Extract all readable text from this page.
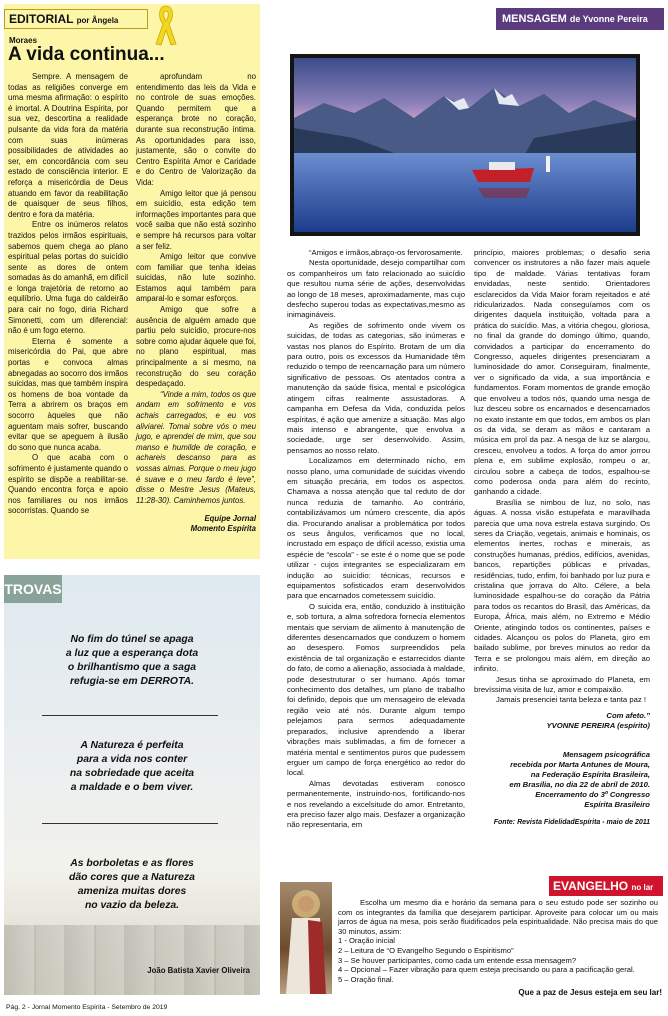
EDITORIAL por Ângela Moraes
A vida continua...

Sempre. A mensagem de todas as religiões converge em uma mesma afirmação: o espírito é imortal. A Doutrina Espírita, por sua vez, descortina a realidade pulsante da vida fora da matéria com suas inúmeras possibilidades de atividades ao ser, em concordância com seu estado de consciência interior. E reforça a misericórdia de Deus atuando em favor da reabilitação de quaisquer de seus filhos, dentro e fora da matéria.

Entre os inúmeros relatos trazidos pelos irmãos espirituais, sabemos quem chega ao plano espiritual pelas portas do suicídio sente as dores de ontem somadas às do amanhã, em difícil e longa trajetória de retorno ao equilíbrio. Uma fuga do caldeirão para cair no fogo, diria Richard Simonetti, com um diferencial: não é um fogo eterno.

Eterna é somente a misericórdia do Pai, que abre portas e convoca almas abnegadas ao socorro dos irmãos suicidas, mas que também inspira os homens de boa vontade da Terra a abrirem os braços em socorro àqueles que não aguentam mais sofrer, buscando evitar que se apeguem à ilusão do sono que nunca acaba.

O que acaba com o sofrimento é justamente quando o espírito se dispõe a reabilitar-se. Quando encontra força e apoio nos familiares ou nos irmãos socorristas. Quando se

aprofundam no entendimento das leis da Vida e no controle de suas emoções. Quando permitem que a esperança brote no coração, durante sua reconstrução íntima. As oportunidades para isso, justamente, são o convite do Centro Espírita Amor e Caridade e do Centro de Valorização da Vida:

Amigo leitor que já pensou em suicídio, esta edição tem informações importantes para que você saiba que não está sozinho e sempre há recursos para voltar a ser feliz.

Amigo leitor que convive com familiar que tenha ideias suicidas, não lute sozinho. Estamos aqui também para amparal-lo e somar esforços.

Amigo que sofre a ausência de alguém amado que partiu pelo suicídio, procure-nos sobre como ajudar àquele que foi, no plano espiritual, mas principalmente a si mesmo, na reconstrução do seu coração despedaçado.

“Vinde a mim, todos os que andam em sofrimento e vos achais carregados, e eu vos aliviarei. Tomai sobre vós o meu jugo, e aprendei de mim, que sou manso e humilde de coração, e achareis descanso para as vossas almas. Porque o meu jugo é suave e o meu fardo é leve”, disse o Mestre Jesus (Mateus, 11:28-30). Caminhemos juntos.

Equipe Jornal
Momento Espírita
TROVAS
No fim do túnel se apaga
a luz que a esperança dota
o brilhantismo que a saga
refugia-se em DERROTA.
A Natureza é perfeita
para a vida nos conter
na sobriedade que aceita
a maldade e o bem viver.
As borboletas e as flores
dão cores que a Natureza
ameniza muitas dores
no vazio da beleza.
João Batista Xavier Oliveira
MENSAGEM de Yvonne Pereira

“Amigos e irmãos,abraço-os fervorosamente.

Nesta oportunidade, desejo compartilhar com os companheiros um fato relacionado ao suicídio que resultou numa série de ações, desenvolvidas ao longo de 18 meses, aproximadamente, mas cujo desfecho superou todas as expectativas,mesmo as inimagináveis.

As regiões de sofrimento onde vivem os suicidas, de todas as categorias, são inúmeras e vastas nos planos do Espírito. Brotam de um dia para outro, pois os excessos da Humanidade têm reduzido o tempo de reencarnação para um número significativo de pessoas. Os atentados contra a manutenção da saúde física, mental e psicológica atingem cifras realmente assustadoras. A campanha em Defesa da Vida, conduzida pelos espíritas, é ação que amenize a situação. Mas algo mais intenso e abrangente, que envolva a sociedade, urge ser desenvolvido. Assim, pensamos ao nosso relato.

Localizamos em determinado nicho, em nosso plano, uma comunidade de suicidas vivendo em situação precária, em todos os aspectos. Chamava a nossa atenção que tal reduto de dor nunca reduzia de tamanho. Ao contrário, contabilizávamos um número crescente, dia após dia. Procurando analisar a problemática por todos os seus ângulos, verificamos que no local, incrustado em espaço de difícil acesso, existia uma espécie de “escola” - se este é o nome que se pode utilizar - cujos integrantes se especializaram em indução ao suicídio: técnicas, recursos e equipamentos sofisticados eram desenvolvidos para que encarnados cometessem suicídio.

O suicida era, então, conduzido à instituição e, sob tortura, a alma sofredora fornecia elementos mentais que serviam de alimento à manutenção de diferentes desencarnados que conduzem o homem ao desespero. Fomos surpreendidos pela existência de tal organização e estarrecidos diante do fato, de como a alienação, associada à maldade, pode desestruturar o ser humano. Após tomar conhecimento dos detalhes, um plano de trabalho foi definido, depois que um mensageiro de elevada região veio até nós. Durante algum tempo pelejamos para sermos adequadamente preparados, inclusive aprendendo a liberar vibrações mais sublimadas, a fim de fornecer a matéria mental e sentimentos puros que pudessem erguer um campo de força energético ao redor do local.

Almas devotadas estiveram conosco permanentemente, instruindo-nos, fortificando-nos e nos revelando a excelsitude do amor. Entretanto, era preciso fazer algo mais. Desfazer a organização não representaria, em

princípio, maiores problemas; o desafio seria convencer os instrutores a não fazer mais aquele tipo de maldade. Várias tentativas foram envidadas, neste sentido. Orientadores esclarecidos da Vida Maior foram rejeitados e até ridicularizados. Nada conseguíamos com os dirigentes daquela instituição, voltada para a prática do suicídio. Mas, a vitória chegou, gloriosa, no final da grande do domingo último, quando, convidados a participar do encerramento do Congresso, aqueles dirigentes presenciaram a luminosidade do amor. Conseguiram, finalmente, ver o significado da vida, a sua importância e fundamentos. Foram momentos de grande emoção que envolveu a todos nós, quando uma nesga de luz desceu sobre os encarnados e desencarnados no exato instante em que todos, em ambos os plan os da vida, se deram as mãos e cantaram a música em prol da paz. A nesga de luz se alargou, cresceu, envolveu a todos. A força do amor jorrou plena e, em sublime explosão, rompeu o ar, circulou sobre a cabeça de todos, espalhou-se como poderosa onda para além do recinto, ganhando a cidade.

Brasília se nimbou de luz, no solo, nas águas. A nossa visão estupefata e maravilhada parecia que uma nova estrela estava surgindo. Os seres da Criação, vegetais, animais e hominais, os elementos inertes, rochas e minerais, as construções humanas, prédios, edifícios, avenidas, bancos, repartições públicas e privadas, residências, tudo, enfim, foi banhado por luz pura e cristalina que jorrava do Alto. Célere, a bela luminosidade espalhou-se do coração da Pátria para todos os recantos do Brasil, das Américas, da Europa, África, mais além, no Extremo e Médio Oriente, atingindo todos os continentes, países e cidades. Alcançou os polos do Planeta, giro em bailado sublime, por breves minutos ao redor da Terra e se prolongou mais além, em direção ao infinito.

Jesus tinha se aproximado do Planeta, em brevíssima visita de luz, amor e compaixão.

Jamais presenciei tanta beleza e tanta paz !

Com afeto.”
YVONNE PEREIRA (espírito)
Mensagem psicográfica
recebida por Marta Antunes de Moura,
na Federação Espírita Brasileira,
em Brasília, no dia 22 de abril de 2010.
Encerramento do 3º Congresso
Espírita Brasileiro
Fonte: Revista FidelidadEspírita - maio de 2011
EVANGELHO no lar

Escolha um mesmo dia e horário da semana para o seu estudo pode ser sozinho ou com os integrantes da família que desejarem participar. Aproveite para colocar um ou mais jarros de água na mesa, pois serão fluidificados pela espiritualidade. Não precisa mais do que 30 minutos, assim:

1 - Oração inicial
2 – Leitura de “O Evangelho Segundo o Espiritismo”
3 – Se houver participantes, como cada um entende essa mensagem?
4 – Opcional – Fazer vibração para quem esteja precisando ou para a pacificação geral.
5 – Oração final.
Que a paz de Jesus esteja em seu lar!
Pág. 2 - Jornal Momento Espírita - Setembro de 2019
